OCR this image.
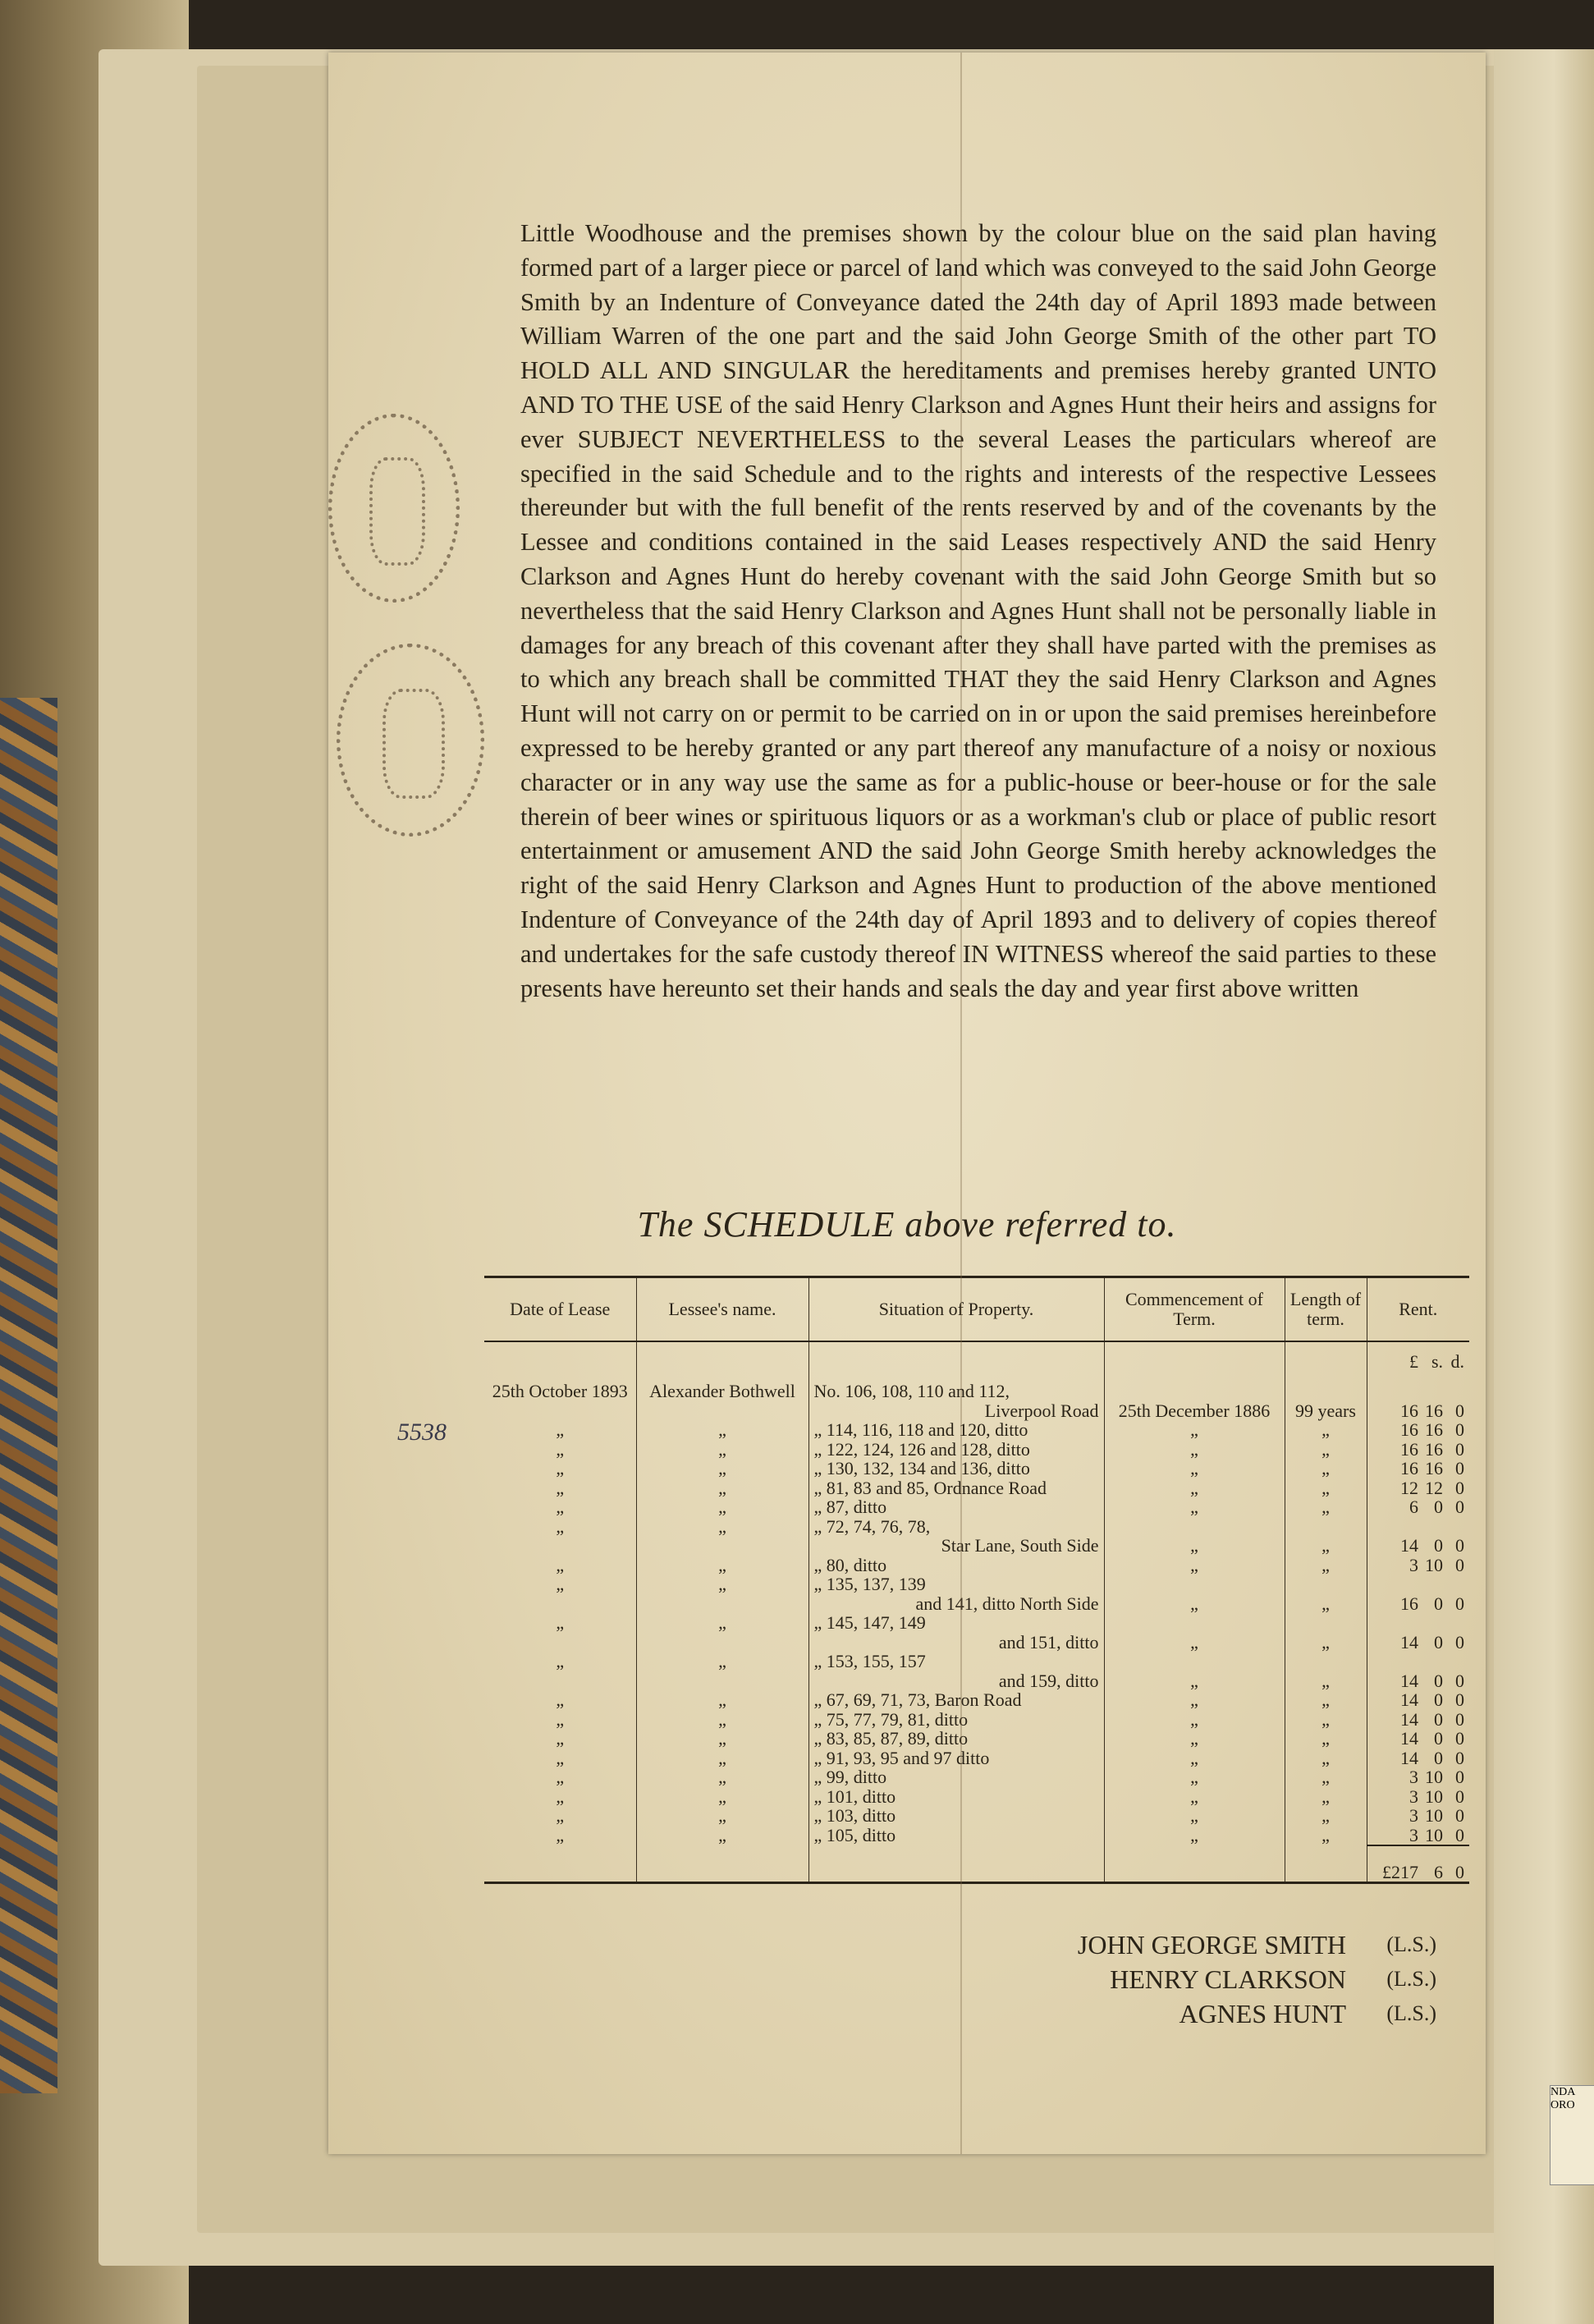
NDA
ORO

Little Woodhouse and the premises shown by the colour blue on the said plan having formed part of a larger piece or parcel of land which was conveyed to the said John George Smith by an Indenture of Conveyance dated the 24th day of April 1893 made between William Warren of the one part and the said John George Smith of the other part TO HOLD ALL AND SINGULAR the hereditaments and premises hereby granted UNTO AND TO THE USE of the said Henry Clarkson and Agnes Hunt their heirs and assigns for ever SUBJECT NEVERTHELESS to the several Leases the particulars whereof are specified in the said Schedule and to the rights and interests of the respective Lessees thereunder but with the full benefit of the rents reserved by and of the covenants by the Lessee and conditions contained in the said Leases respectively AND the said Henry Clarkson and Agnes Hunt do hereby covenant with the said John George Smith but so nevertheless that the said Henry Clarkson and Agnes Hunt shall not be personally liable in damages for any breach of this covenant after they shall have parted with the premises as to which any breach shall be committed THAT they the said Henry Clarkson and Agnes Hunt will not carry on or permit to be carried on in or upon the said premises hereinbefore expressed to be hereby granted or any part thereof any manufacture of a noisy or noxious character or in any way use the same as for a public-house or beer-house or for the sale therein of beer wines or spirituous liquors or as a workman's club or place of public resort entertainment or amusement AND the said John George Smith hereby acknowledges the right of the said Henry Clarkson and Agnes Hunt to production of the above mentioned Indenture of Conveyance of the 24th day of April 1893 and to delivery of copies thereof and undertakes for the safe custody thereof IN WITNESS whereof the said parties to these presents have hereunto set their hands and seals the day and year first above written

The SCHEDULE above referred to.
Date of Lease	Lessee's name.	Situation of Property.	Commencement of Term.	Length of term.	Rent.
					£ s. d.
25th October 1893	Alexander Bothwell	No. 106, 108, 110 and 112,			
		Liverpool Road	25th December 1886	99 years	16 16 0
„	„	„ 114, 116, 118 and 120, ditto	„	„	16 16 0
„	„	„ 122, 124, 126 and 128, ditto	„	„	16 16 0
„	„	„ 130, 132, 134 and 136, ditto	„	„	16 16 0
„	„	„ 81, 83 and 85, Ordnance Road	„	„	12 12 0
„	„	„ 87, ditto	„	„	6 0 0
„	„	„ 72, 74, 76, 78,			
		Star Lane, South Side	„	„	14 0 0
„	„	„ 80, ditto	„	„	3 10 0
„	„	„ 135, 137, 139			
		and 141, ditto North Side	„	„	16 0 0
„	„	„ 145, 147, 149			
		and 151, ditto	„	„	14 0 0
„	„	„ 153, 155, 157			
		and 159, ditto	„	„	14 0 0
„	„	„ 67, 69, 71, 73, Baron Road	„	„	14 0 0
„	„	„ 75, 77, 79, 81, ditto	„	„	14 0 0
„	„	„ 83, 85, 87, 89, ditto	„	„	14 0 0
„	„	„ 91, 93, 95 and 97 ditto	„	„	14 0 0
„	„	„ 99, ditto	„	„	3 10 0
„	„	„ 101, ditto	„	„	3 10 0
„	„	„ 103, ditto	„	„	3 10 0
„	„	„ 105, ditto	„	„	3 10 0
					£217 6 0
5538
JOHN GEORGE SMITH	(L.S.)
HENRY CLARKSON	(L.S.)
AGNES HUNT	(L.S.)
